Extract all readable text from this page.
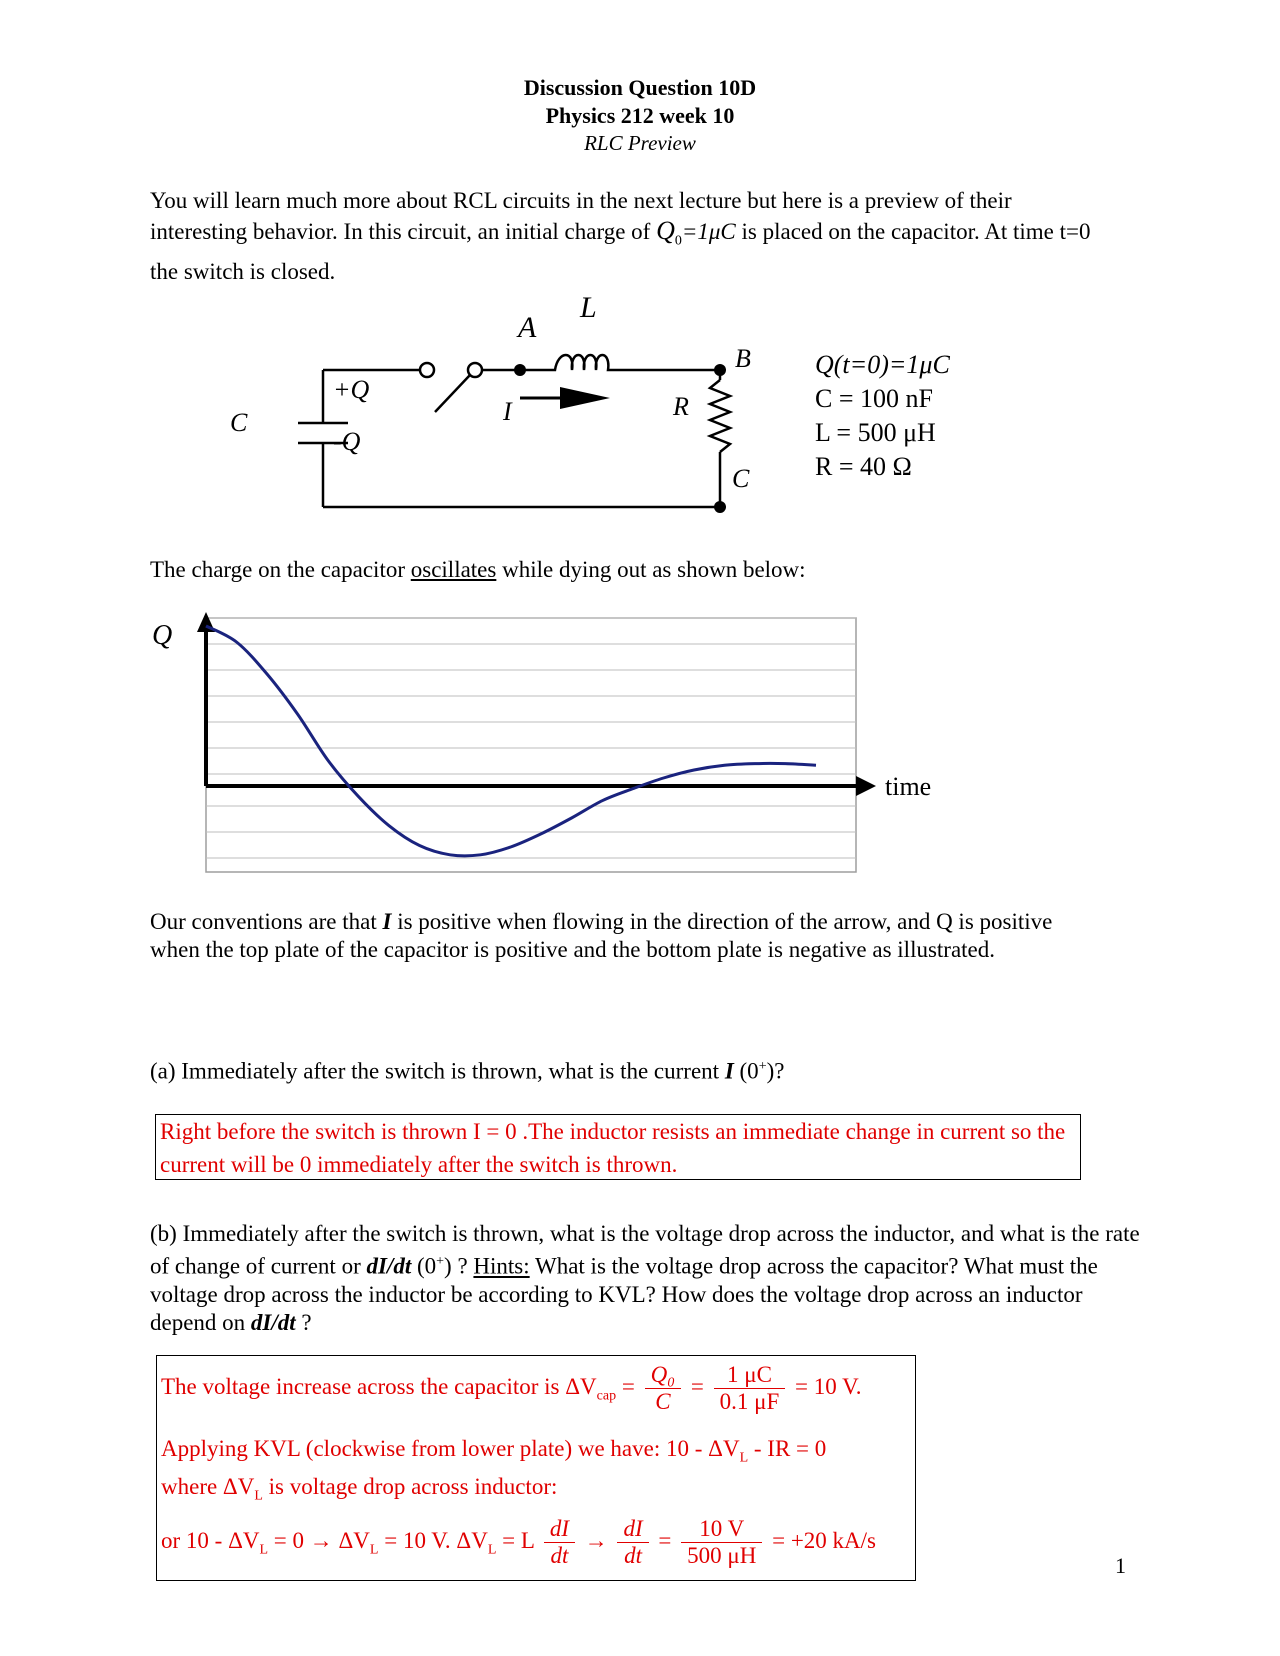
Discussion Question 10D
Physics 212 week 10
RLC Preview
You will learn much more about RCL circuits in the next lecture but here is a preview of their interesting behavior. In this circuit, an initial charge of $Q_0=1\mu C$ is placed on the capacitor. At time t=0 the switch is closed.
A
L
B
C
C
R
I
+Q
-Q
Q(t=0)=1μC
C = 100 nF
L = 500 μH
R = 40 Ω
The charge on the capacitor oscillates while dying out as shown below:
Q
time
Our conventions are that I is positive when flowing in the direction of the arrow, and Q is positive when the top plate of the capacitor is positive and the bottom plate is negative as illustrated.
(a) Immediately after the switch is thrown, what is the current I (0+)?
Right before the switch is thrown I = 0 .The inductor resists an immediate change in current so the current will be 0 immediately after the switch is thrown.
(b) Immediately after the switch is thrown, what is the voltage drop across the inductor, and what is the rate of change of current or dI/dt (0+) ? Hints: What is the voltage drop across the capacitor? What must the voltage drop across the inductor be according to KVL? How does the voltage drop across an inductor depend on dI/dt ?
The voltage increase across the capacitor is $\Delta V_{cap} = \frac{\text{Q₀}}{C} = \frac{1 \mu C}{0.1 \mu F} = 10$ V.
Applying KVL (clockwise from lower plate) we have: $10 - \Delta V_L$ - IR = 0
where $\Delta V_L$ is voltage drop across inductor:
or $10 - \Delta V_L = 0 \to \Delta V_L = 10$ V. $\Delta V_L = L \frac{dI}{dt} \to \frac{dI}{dt} = \frac{10 V}{500 \mu H} = +20$ kA/s
1
